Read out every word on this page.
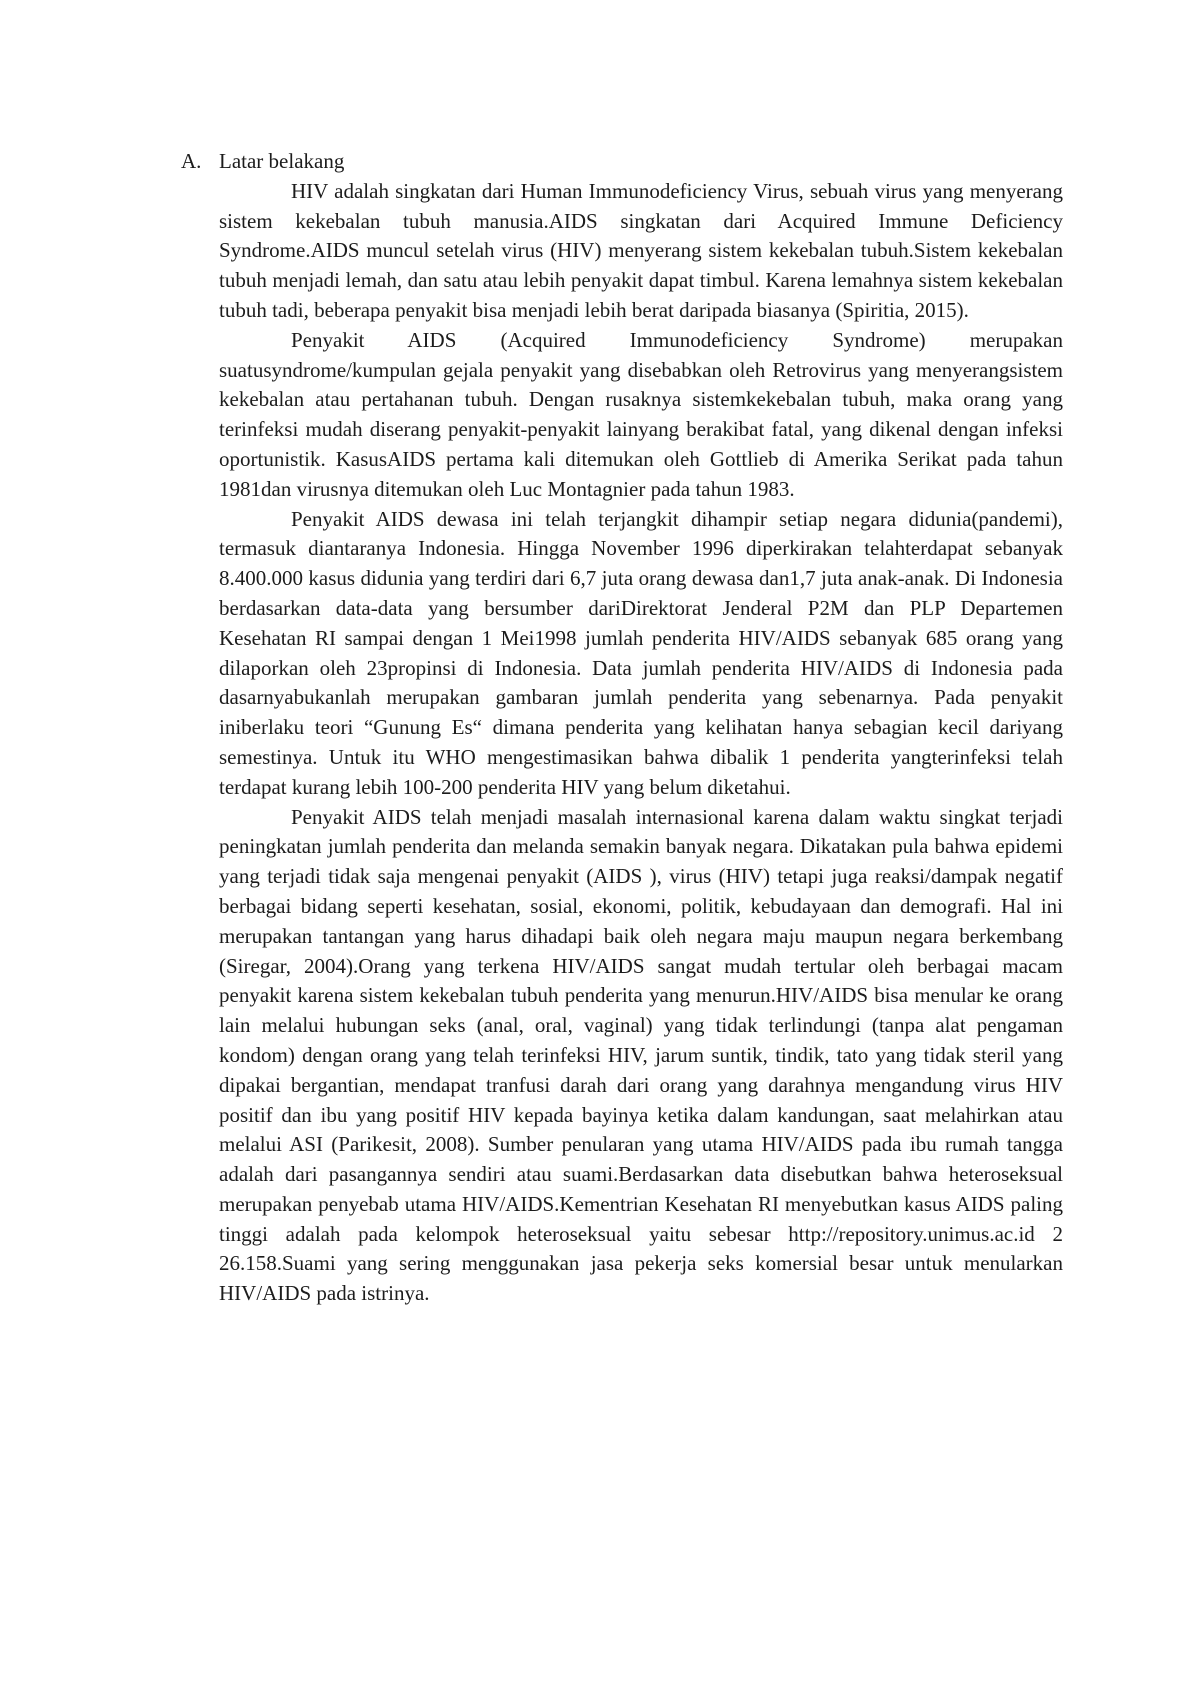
A. Latar belakang

HIV adalah singkatan dari Human Immunodeficiency Virus, sebuah virus yang menyerang sistem kekebalan tubuh manusia.AIDS singkatan dari Acquired Immune Deficiency Syndrome.AIDS muncul setelah virus (HIV) menyerang sistem kekebalan tubuh.Sistem kekebalan tubuh menjadi lemah, dan satu atau lebih penyakit dapat timbul. Karena lemahnya sistem kekebalan tubuh tadi, beberapa penyakit bisa menjadi lebih berat daripada biasanya (Spiritia, 2015).

Penyakit AIDS (Acquired Immunodeficiency Syndrome) merupakan suatusyndrome/kumpulan gejala penyakit yang disebabkan oleh Retrovirus yang menyerangsistem kekebalan atau pertahanan tubuh. Dengan rusaknya sistemkekebalan tubuh, maka orang yang terinfeksi mudah diserang penyakit-penyakit lainyang berakibat fatal, yang dikenal dengan infeksi oportunistik. KasusAIDS pertama kali ditemukan oleh Gottlieb di Amerika Serikat pada tahun 1981dan virusnya ditemukan oleh Luc Montagnier pada tahun 1983.

Penyakit AIDS dewasa ini telah terjangkit dihampir setiap negara didunia(pandemi), termasuk diantaranya Indonesia. Hingga November 1996 diperkirakan telahterdapat sebanyak 8.400.000 kasus didunia yang terdiri dari 6,7 juta orang dewasa dan1,7 juta anak-anak. Di Indonesia berdasarkan data-data yang bersumber dariDirektorat Jenderal P2M dan PLP Departemen Kesehatan RI sampai dengan 1 Mei1998 jumlah penderita HIV/AIDS sebanyak 685 orang yang dilaporkan oleh 23propinsi di Indonesia. Data jumlah penderita HIV/AIDS di Indonesia pada dasarnyabukanlah merupakan gambaran jumlah penderita yang sebenarnya. Pada penyakit iniberlaku teori “Gunung Es“ dimana penderita yang kelihatan hanya sebagian kecil dariyang semestinya. Untuk itu WHO mengestimasikan bahwa dibalik 1 penderita yangterinfeksi telah terdapat kurang lebih 100-200 penderita HIV yang belum diketahui.

Penyakit AIDS telah menjadi masalah internasional karena dalam waktu singkat terjadi peningkatan jumlah penderita dan melanda semakin banyak negara. Dikatakan pula bahwa epidemi yang terjadi tidak saja mengenai penyakit (AIDS ), virus (HIV) tetapi juga reaksi/dampak negatif berbagai bidang seperti kesehatan, sosial, ekonomi, politik, kebudayaan dan demografi. Hal ini merupakan tantangan yang harus dihadapi baik oleh negara maju maupun negara berkembang (Siregar, 2004).Orang yang terkena HIV/AIDS sangat mudah tertular oleh berbagai macam penyakit karena sistem kekebalan tubuh penderita yang menurun.HIV/AIDS bisa menular ke orang lain melalui hubungan seks (anal, oral, vaginal) yang tidak terlindungi (tanpa alat pengaman kondom) dengan orang yang telah terinfeksi HIV, jarum suntik, tindik, tato yang tidak steril yang dipakai bergantian, mendapat tranfusi darah dari orang yang darahnya mengandung virus HIV positif dan ibu yang positif HIV kepada bayinya ketika dalam kandungan, saat melahirkan atau melalui ASI (Parikesit, 2008). Sumber penularan yang utama HIV/AIDS pada ibu rumah tangga adalah dari pasangannya sendiri atau suami.Berdasarkan data disebutkan bahwa heteroseksual merupakan penyebab utama HIV/AIDS.Kementrian Kesehatan RI menyebutkan kasus AIDS paling tinggi adalah pada kelompok heteroseksual yaitu sebesar http://repository.unimus.ac.id 2 26.158.Suami yang sering menggunakan jasa pekerja seks komersial besar untuk menularkan HIV/AIDS pada istrinya.
